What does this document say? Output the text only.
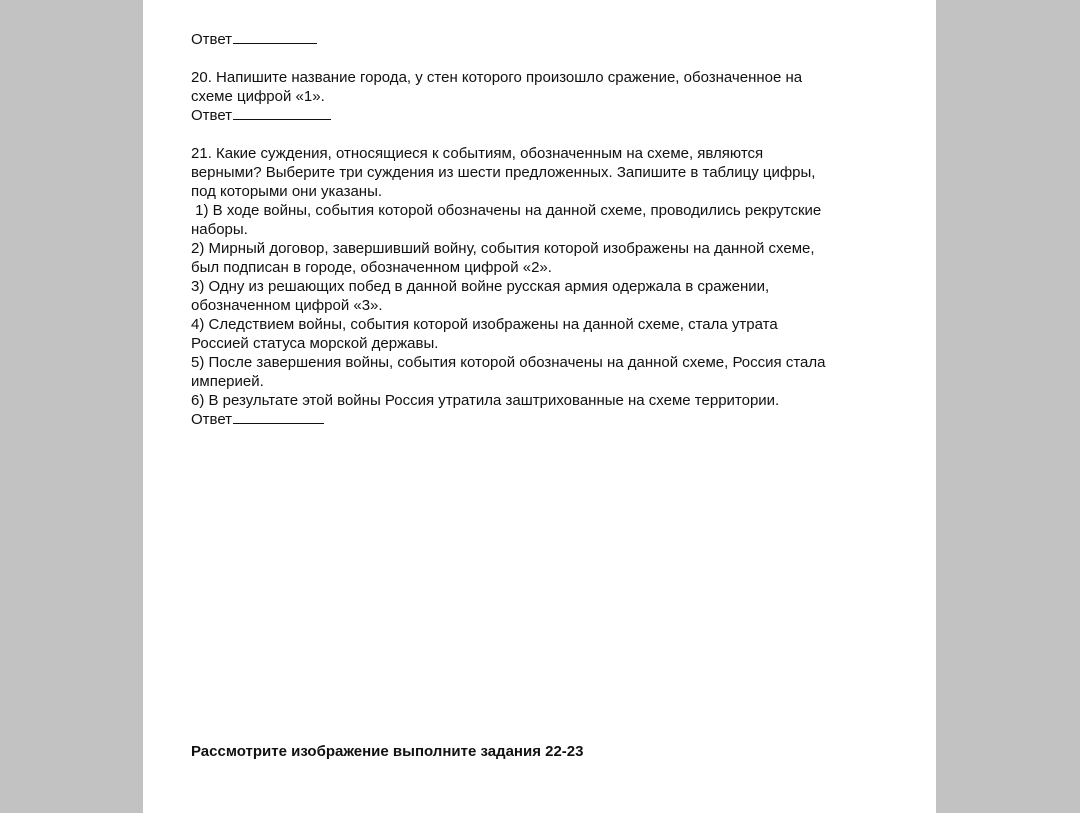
Ответ
20. Напишите название города, у стен которого произошло сражение, обозначенное на
схеме цифрой «1».
Ответ
21. Какие суждения, относящиеся к событиям, обозначенным на схеме, являются
верными? Выберите три суждения из шести предложенных. Запишите в таблицу цифры,
под которыми они указаны.
1) В ходе войны, события которой обозначены на данной схеме, проводились рекрутские
наборы.
2) Мирный договор, завершивший войну, события которой изображены на данной схеме,
был подписан в городе, обозначенном цифрой «2».
3) Одну из решающих побед в данной войне русская армия одержала в сражении,
обозначенном цифрой «3».
4) Следствием войны, события которой изображены на данной схеме, стала утрата
Россией статуса морской державы.
5) После завершения войны, события которой обозначены на данной схеме, Россия стала
империей.
6) В результате этой войны Россия утратила заштрихованные на схеме территории.
Ответ
Рассмотрите изображение выполните задания 22-23
